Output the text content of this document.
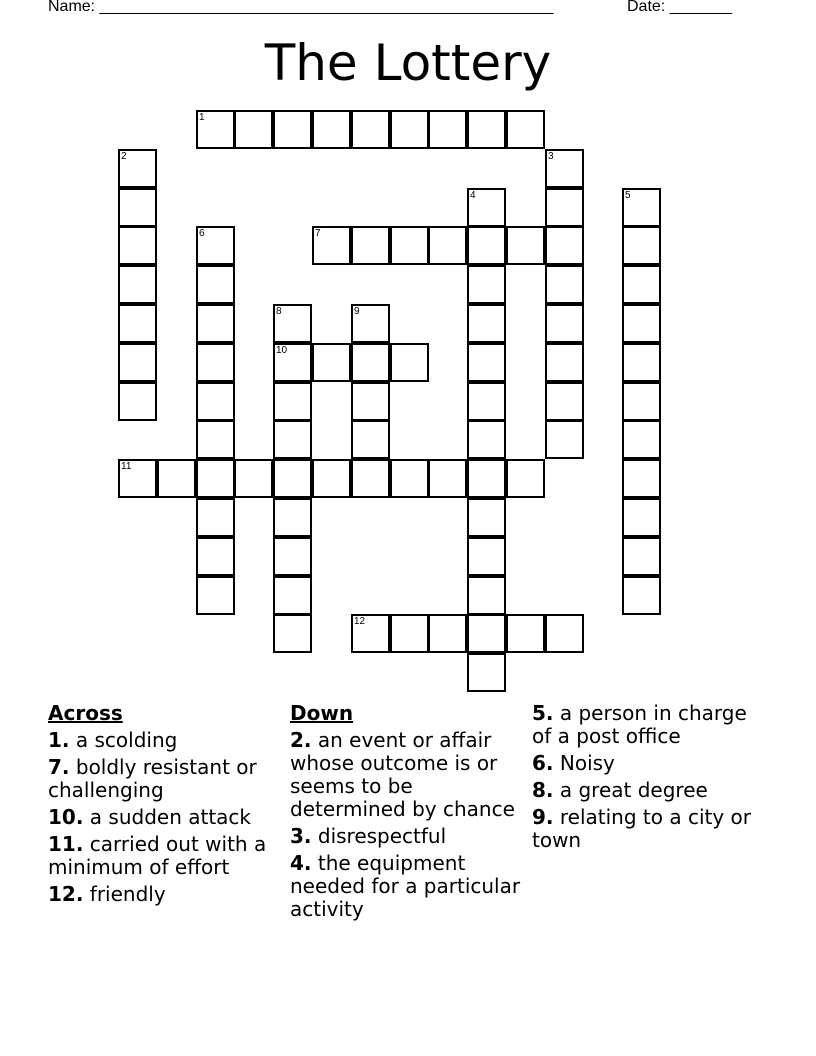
Name: ___________________________________________________	Date: _______
The Lottery
1
2	3
4	5
6	7
8
10
9
11
12
Across
1. a scolding
7. boldly resistant or challenging
10. a sudden attack
11. carried out with a minimum of effort
12. friendly
Down
2. an event or affair whose outcome is or seems to be determined by chance
3. disrespectful
4. the equipment needed for a particular activity
5. a person in charge of a post office
6. Noisy
8. a great degree
9. relating to a city or town
